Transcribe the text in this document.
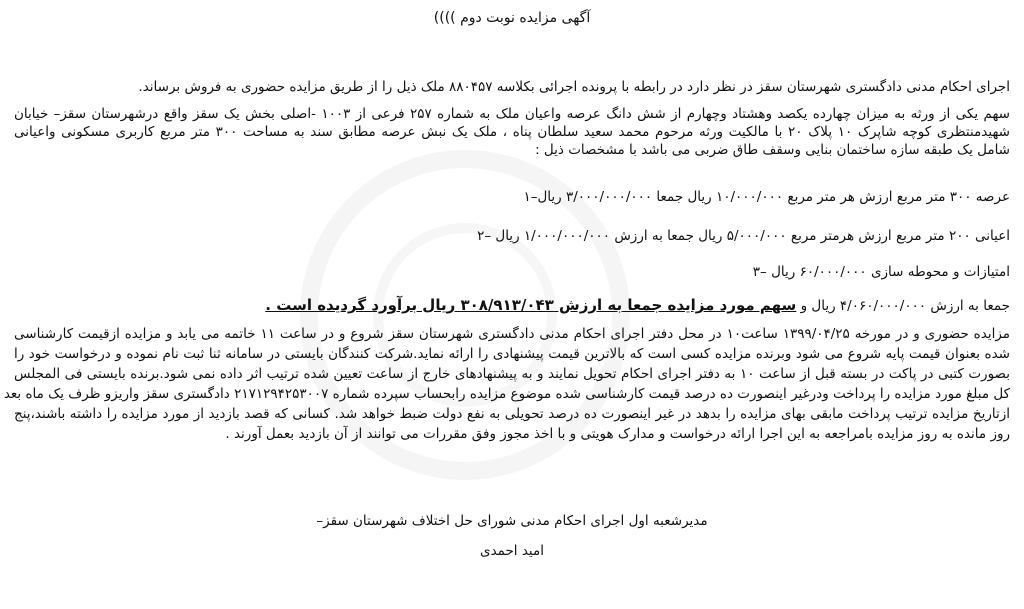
آگهی مزایده نوبت دوم ))))
اجرای احکام مدنی دادگستری شهرستان سقز در نظر دارد در رابطه با پرونده اجرائی بکلاسه ۸۸۰۴۵۷ ملک ذیل را از طریق مزایده حضوری به فروش برساند.
سهم یکی از ورثه به میزان چهارده یکصد وهشتاد وچهارم از شش دانگ عرصه واعیان ملک به شماره ۲۵۷ فرعی از ۱۰۰۳ -اصلی بخش یک سقز واقع درشهرستان سقز– خیابان
شهیدمنتظری کوچه شاپرک ۱۰ پلاک ۲۰ با مالکیت ورثه مرحوم محمد سعید سلطان پناه ، ملک یک نبش عرصه مطابق سند به مساحت ۳۰۰ متر مربع کاربری مسکونی واعیانی
شامل یک طبقه سازه ساختمان بنایی وسقف طاق ضربی می باشد با مشخصات ذیل :
عرصه ۳۰۰ متر مربع ارزش هر متر مربع ۱۰/۰۰۰/۰۰۰ ریال جمعا ۳/۰۰۰/۰۰۰/۰۰۰ ریال–۱
اعیانی ۲۰۰ متر مربع ارزش هرمتر مربع ۵/۰۰۰/۰۰۰ ریال جمعا به ارزش ۱/۰۰۰/۰۰۰/۰۰۰ ریال –۲
امتیازات و محوطه سازی ۶۰/۰۰۰/۰۰۰ ریال –۳
جمعا به ارزش ۴/۰۶۰/۰۰۰/۰۰۰ ریال و سهم مورد مزایده جمعا به ارزش ۳۰۸/۹۱۳/۰۴۳ ریال برآورد گردیده است .
مزایده حضوری و در مورخه ۱۳۹۹/۰۴/۲۵ ساعت۱۰ در محل دفتر اجرای احکام مدنی دادگستری شهرستان سقز شروع و در ساعت ۱۱ خاتمه می یابد و مزایده ازقیمت کارشناسی
شده بعنوان قیمت پایه شروع می شود وبرنده مزایده کسی است که بالاترین قیمت پیشنهادی را ارائه نماید.شرکت کنندگان بایستی در سامانه ثنا ثبت نام نموده و درخواست خود را
بصورت کتبی در پاکت در بسته قبل از ساعت ۱۰ به دفتر اجرای احکام تحویل نمایند و به پیشنهادهای خارج از ساعت تعیین شده ترتیب اثر داده نمی شود.برنده بایستی فی المجلس
کل مبلغ مورد مزایده را پرداخت ودرغیر اینصورت ده درصد قیمت کارشناسی شده موضوع مزایده رابحساب سپرده شماره ۲۱۷۱۲۹۴۲۵۳۰۰۷ دادگستری سقز واریزو ظرف یک ماه بعد
ازتاریخ مزایده ترتیب پرداخت مابقی بهای مزایده را بدهد در غیر اینصورت ده درصد تحویلی به نفع دولت ضبط خواهد شد. کسانی که قصد بازدید از مورد مزایده را داشته باشند،پنج
روز مانده به روز مزایده بامراجعه به این اجرا ارائه درخواست و مدارک هویتی و با اخذ مجوز وفق مقررات می توانند از آن بازدید بعمل آورند .
مدیرشعبه اول اجرای احکام مدنی شورای حل اختلاف شهرستان سقز–
امید احمدی
